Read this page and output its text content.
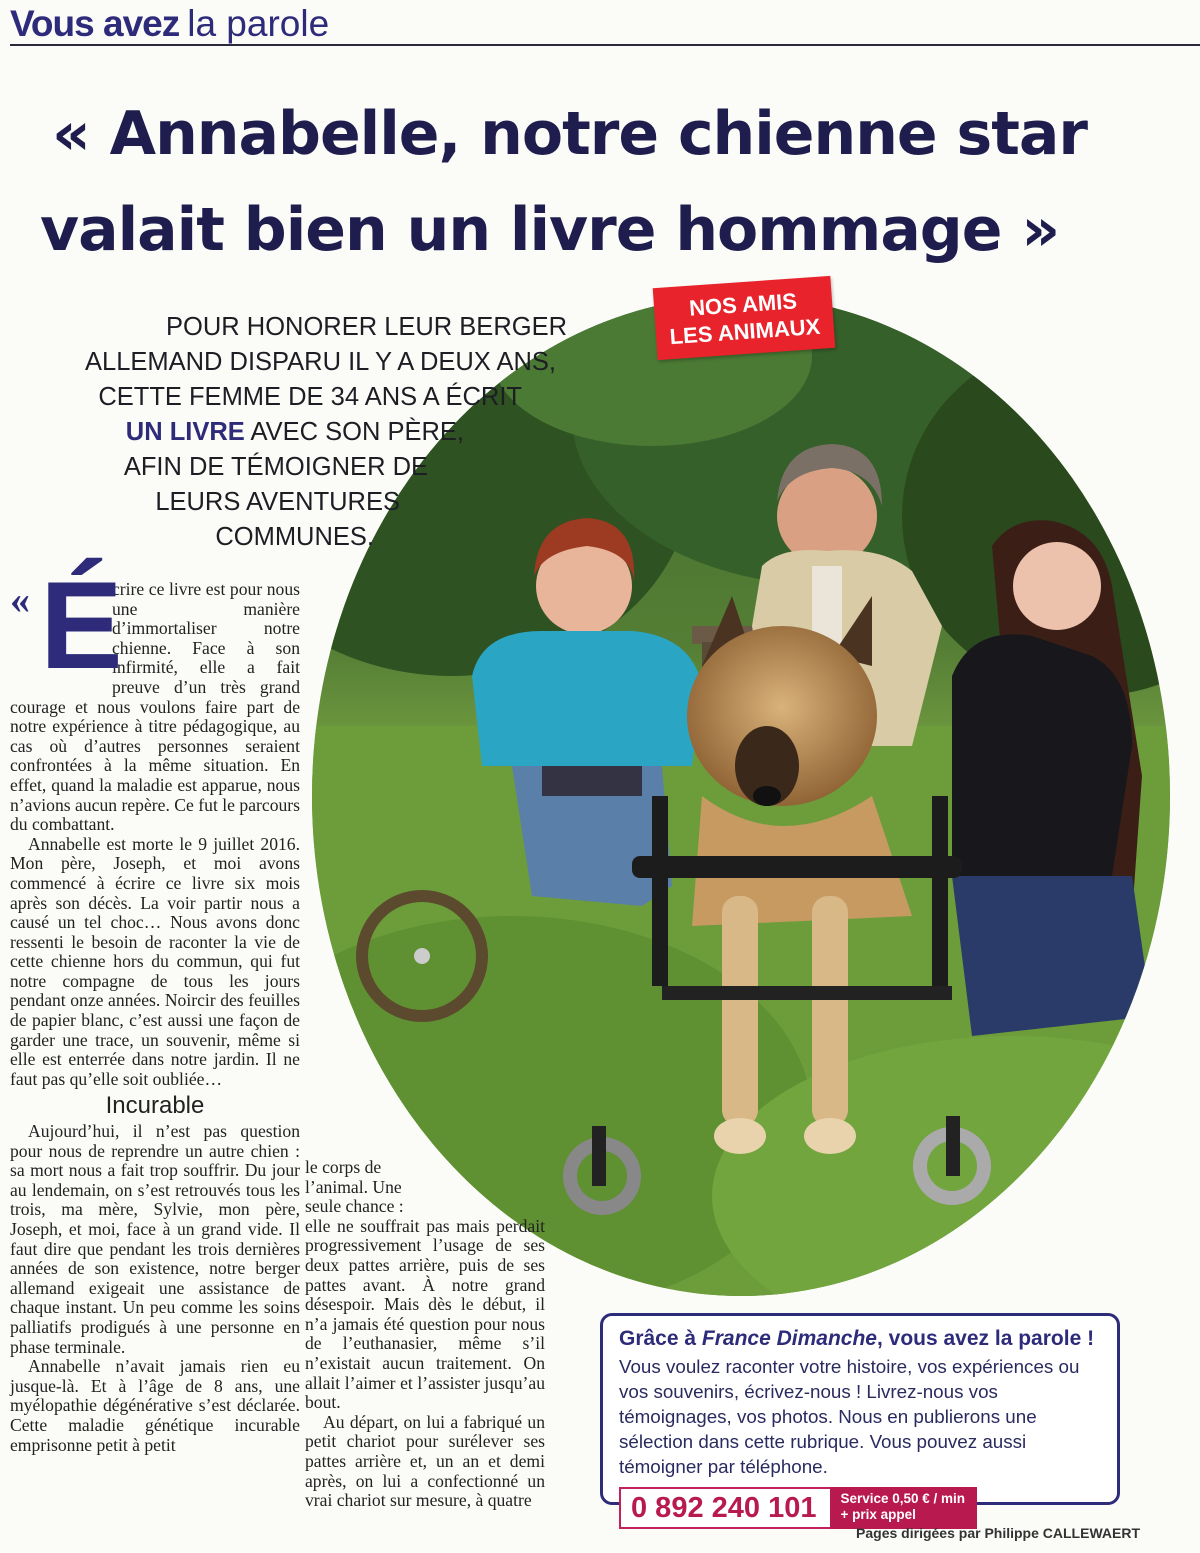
Vous avez la parole
« Annabelle, notre chienne star
valait bien un livre hommage »
NOS AMIS
LES ANIMAUX
POUR HONORER LEUR BERGER
ALLEMAND DISPARU IL Y A DEUX ANS,
CETTE FEMME DE 34 ANS A ÉCRIT
UN LIVRE AVEC SON PÈRE,
AFIN DE TÉMOIGNER DE
LEURS AVENTURES
COMMUNES.
« É

crire ce livre est pour nous une manière d’immortaliser notre chienne. Face à son infirmité, elle a fait preuve d’un très grand courage et nous voulons faire part de notre expérience à titre pédagogique, au cas où d’autres personnes seraient confrontées à la même situation. En effet, quand la maladie est apparue, nous n’avions aucun repère. Ce fut le parcours du combattant.

Annabelle est morte le 9 juillet 2016. Mon père, Joseph, et moi avons commencé à écrire ce livre six mois après son décès. La voir partir nous a causé un tel choc… Nous avons donc ressenti le besoin de raconter la vie de cette chienne hors du commun, qui fut notre compagne de tous les jours pendant onze années. Noircir des feuilles de papier blanc, c’est aussi une façon de garder une trace, un souvenir, même si elle est enterrée dans notre jardin. Il ne faut pas qu’elle soit oubliée…

Incurable

Aujourd’hui, il n’est pas question pour nous de reprendre un autre chien : sa mort nous a fait trop souffrir. Du jour au lendemain, on s’est retrouvés tous les trois, ma mère, Sylvie, mon père, Joseph, et moi, face à un grand vide. Il faut dire que pendant les trois dernières années de son existence, notre berger allemand exigeait une assistance de chaque instant. Un peu comme les soins palliatifs prodigués à une personne en phase terminale.

Annabelle n’avait jamais rien eu jusque-là. Et à l’âge de 8 ans, une myélopathie dégénérative s’est déclarée. Cette maladie génétique incurable emprisonne petit à petit

le corps de l’animal. Une seule chance :

elle ne souffrait pas mais perdait progressivement l’usage de ses deux pattes arrière, puis de ses pattes avant. À notre grand désespoir. Mais dès le début, il n’a jamais été question pour nous de l’euthanasier, même s’il n’existait aucun traitement. On allait l’aimer et l’assister jusqu’au bout.

Au départ, on lui a fabriqué un petit chariot pour surélever ses pattes arrière et, un an et demi après, on lui a confectionné un vrai chariot sur mesure, à quatre

Grâce à France Dimanche, vous avez la parole !
Vous voulez raconter votre histoire, vos expériences ou vos souvenirs, écrivez-nous ! Livrez-nous vos témoignages, vos photos. Nous en publierons une sélection dans cette rubrique. Vous pouvez aussi témoigner par téléphone.
0 892 240 101	Service 0,50 € / min
+ prix appel
Pages dirigées par Philippe CALLEWAERT
